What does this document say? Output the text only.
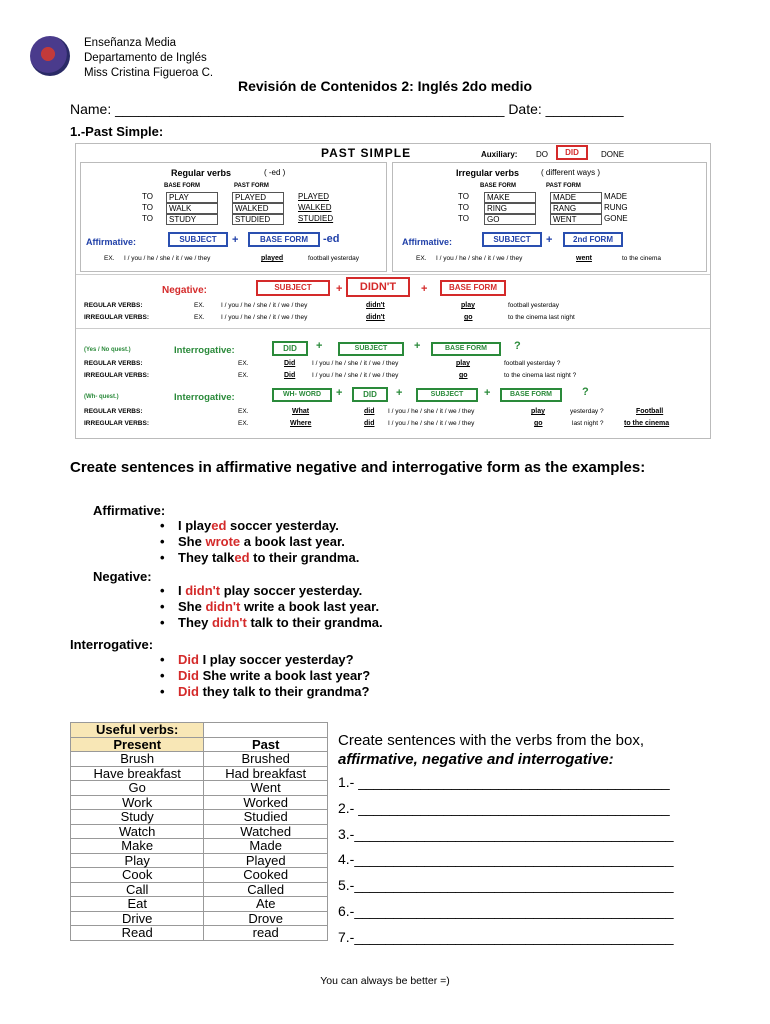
Enseñanza Media
Departamento de Inglés
Miss Cristina Figueroa C.
Revisión de Contenidos 2: Inglés 2do medio
Name: __________________________________________________ Date: __________
1.-Past Simple:
PAST SIMPLE	Auxiliary: DO	DID	DONE
Regular verbs	( -ed )	Irregular verbs	( different ways )
BASE FORM	PAST FORM	BASE FORM	PAST FORM
Affirmative:	SUBJECT	+	BASE FORM	-ed
EX. I / you / he / she / it / we / they	played	football yesterday
Affirmative:	SUBJECT	+	2nd FORM
EX. I / you / he / she / it / we / they	went	to the cinema
Negative:	SUBJECT	+	DIDN'T	+	BASE FORM
REGULAR VERBS:	EX.	I / you / he / she / it / we / they	didn't	play	football yesterday
IRREGULAR VERBS:	EX.	I / you / he / she / it / we / they	didn't	go	to the cinema last night
(Yes / No quest.)	Interrogative:	DID	+	SUBJECT	+	BASE FORM	?
REGULAR VERBS:	EX.	Did	I / you / he / she / it / we / they	play	football yesterday ?
IRREGULAR VERBS:	EX.	Did	I / you / he / she / it / we / they	go	to the cinema last night ?
(Wh- quest.)	Interrogative:	WH- WORD	+	DID	+	SUBJECT	+	BASE FORM	?
REGULAR VERBS:	EX.	What	did I / you / he / she / it / we / they	play	yesterday ?	Football
IRREGULAR VERBS:	EX.	Where	did I / you / he / she / it / we / they	go	last night ?	to the cinema
TO	PLAY	PLAYED	PLAYED
TO	WALK	WALKED	WALKED
TO	STUDY	STUDIED	STUDIED
TO	MAKE	MADE	MADE
TO	RING	RANG	RUNG
TO	GO	WENT	GONE
Create sentences in affirmative negative and interrogative form as the examples:
Affirmative:
• I played soccer yesterday.
• She wrote a book last year.
• They talked to their grandma.
Negative:
• I didn't play soccer yesterday.
• She didn't write a book last year.
• They didn't talk to their grandma.
Interrogative:
• Did I play soccer yesterday?
• Did She write a book last year?
• Did they talk to their grandma?
Useful verbs:	
Present	Past
Brush	Brushed
Have breakfast	Had breakfast
Go	Went
Work	Worked
Study	Studied
Watch	Watched
Make	Made
Play	Played
Cook	Cooked
Call	Called
Eat	Ate
Drive	Drove
Read	read
Create sentences with the verbs from the box,
affirmative, negative and interrogative:
1.- ________________________________________
2.- ________________________________________
3.-_________________________________________
4.-_________________________________________
5.-_________________________________________
6.-_________________________________________
7.-_________________________________________
You can always be better =)
